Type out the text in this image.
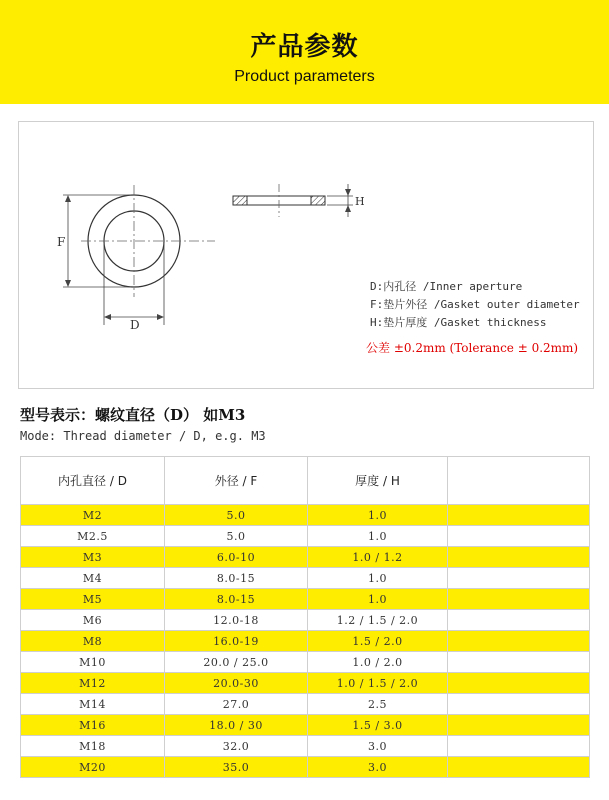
产品参数
Product parameters
F
D
H
D:内孔径 /Inner aperture
F:垫片外径 /Gasket outer diameter
H:垫片厚度 /Gasket thickness
公差 ±0.2mm (Tolerance ± 0.2mm)
型号表示：螺纹直径（D） 如M3
Mode: Thread diameter / D, e.g. M3
内孔直径 / D	外径 / F	厚度 / H	
M2	5.0	1.0	
M2.5	5.0	1.0	
M3	6.0-10	1.0 / 1.2	
M4	8.0-15	1.0	
M5	8.0-15	1.0	
M6	12.0-18	1.2 / 1.5 / 2.0	
M8	16.0-19	1.5 / 2.0	
M10	20.0 / 25.0	1.0 / 2.0	
M12	20.0-30	1.0 / 1.5 / 2.0	
M14	27.0	2.5	
M16	18.0 / 30	1.5 / 3.0	
M18	32.0	3.0	
M20	35.0	3.0	
